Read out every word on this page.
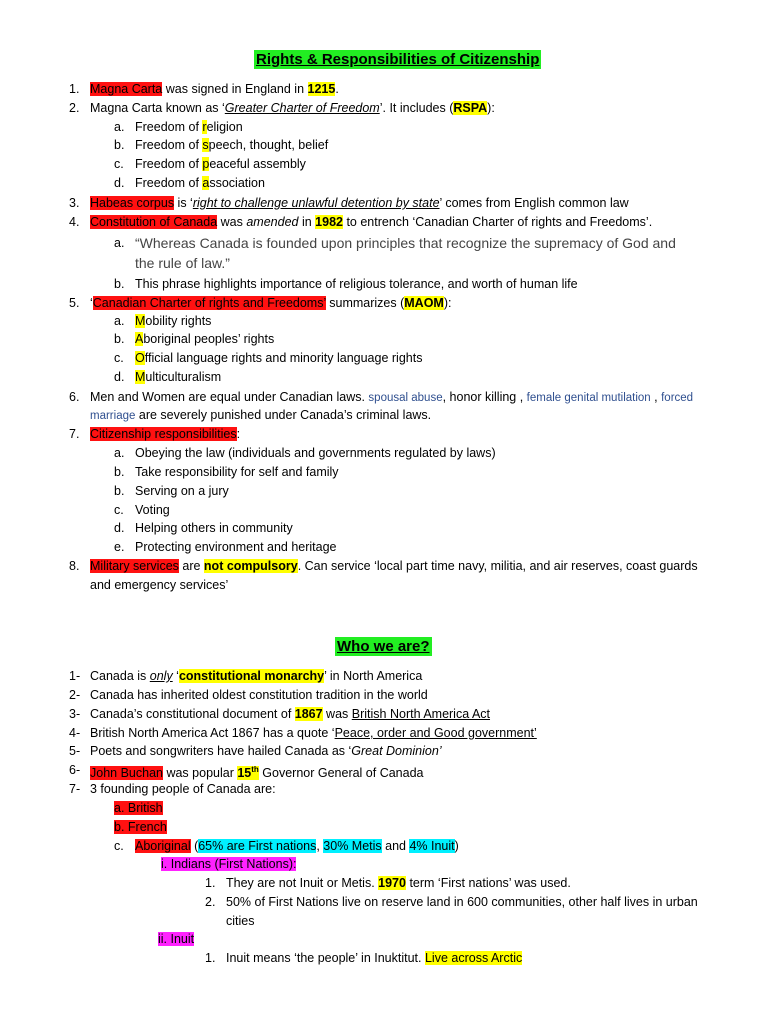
Rights & Responsibilities of Citizenship
1. Magna Carta was signed in England in 1215.
2. Magna Carta known as ‘Greater Charter of Freedom’. It includes (RSPA):
a. Freedom of religion
b. Freedom of speech, thought, belief
c. Freedom of peaceful assembly
d. Freedom of association
3. Habeas corpus is ‘right to challenge unlawful detention by state’ comes from English common law
4. Constitution of Canada was amended in 1982 to entrench ‘Canadian Charter of rights and Freedoms’.
a. “Whereas Canada is founded upon principles that recognize the supremacy of God and
the rule of law.”
b. This phrase highlights importance of religious tolerance, and worth of human life
5. ‘Canadian Charter of rights and Freedoms’ summarizes (MAOM):
a. Mobility rights
b. Aboriginal peoples’ rights
c. Official language rights and minority language rights
d. Multiculturalism
6. Men and Women are equal under Canadian laws. spousal abuse, honor killing , female genital mutilation , forced
marriage are severely punished under Canada’s criminal laws.
7. Citizenship responsibilities:
a. Obeying the law (individuals and governments regulated by laws)
b. Take responsibility for self and family
b. Serving on a jury
c. Voting
d. Helping others in community
e. Protecting environment and heritage
8. Military services are not compulsory. Can service ‘local part time navy, militia, and air reserves, coast guards
and emergency services’
Who we are?
1- Canada is only ‘constitutional monarchy’ in North America
2- Canada has inherited oldest constitution tradition in the world
3- Canada’s constitutional document of 1867 was British North America Act
4- British North America Act 1867 has a quote ‘Peace, order and Good government’
5- Poets and songwriters have hailed Canada as ‘Great Dominion’
6- John Buchan was popular 15th Governor General of Canada
7- 3 founding people of Canada are:
a. British
b. French
c. Aboriginal (65% are First nations, 30% Metis and 4% Inuit)
i. Indians (First Nations):
1. They are not Inuit or Metis. 1970 term ‘First nations’ was used.
2. 50% of First Nations live on reserve land in 600 communities, other half lives in urban
cities
ii. Inuit
1. Inuit means ‘the people’ in Inuktitut. Live across Arctic
